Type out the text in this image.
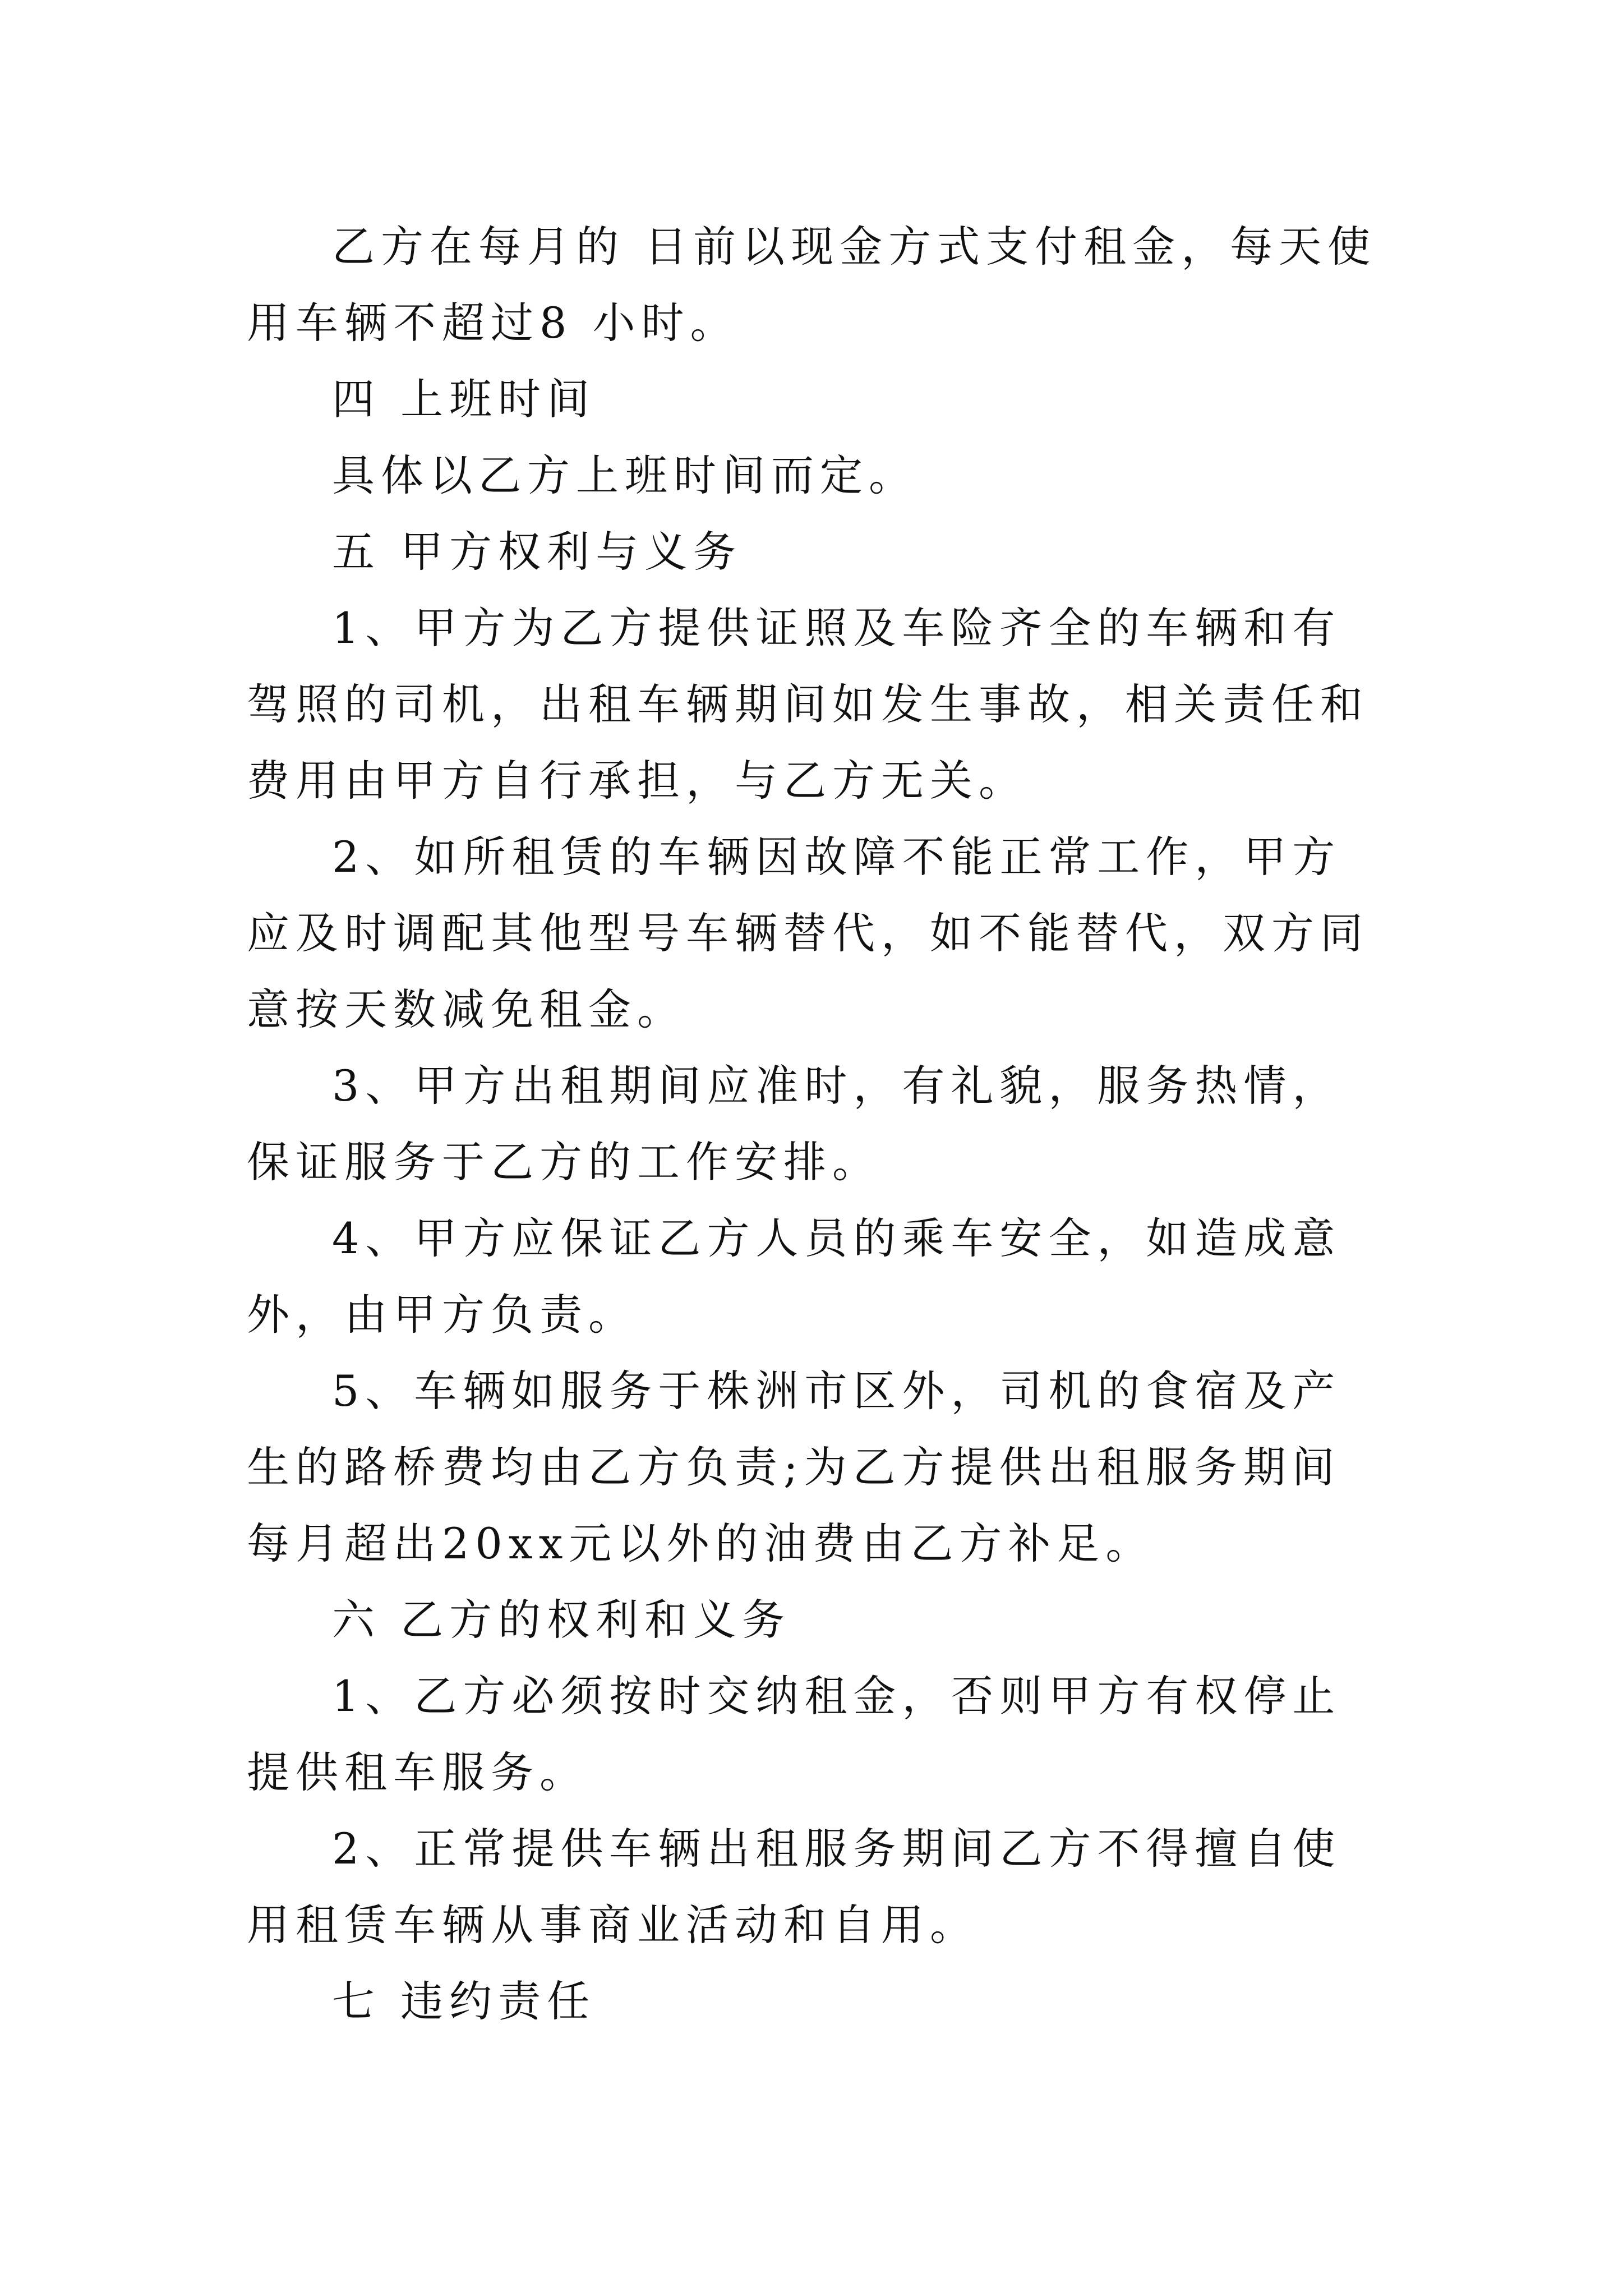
乙方在每月的 日前以现金方式支付租金，每天使用车辆不超过8 小时。

四 上班时间

具体以乙方上班时间而定。

五 甲方权利与义务

1、甲方为乙方提供证照及车险齐全的车辆和有驾照的司机，出租车辆期间如发生事故，相关责任和费用由甲方自行承担，与乙方无关。

2、如所租赁的车辆因故障不能正常工作，甲方应及时调配其他型号车辆替代，如不能替代，双方同意按天数减免租金。

3、甲方出租期间应准时，有礼貌，服务热情，保证服务于乙方的工作安排。

4、甲方应保证乙方人员的乘车安全，如造成意外，由甲方负责。

5、车辆如服务于株洲市区外，司机的食宿及产生的路桥费均由乙方负责;为乙方提供出租服务期间每月超出20xx元以外的油费由乙方补足。

六 乙方的权利和义务

1、乙方必须按时交纳租金，否则甲方有权停止提供租车服务。

2、正常提供车辆出租服务期间乙方不得擅自使用租赁车辆从事商业活动和自用。

七 违约责任
